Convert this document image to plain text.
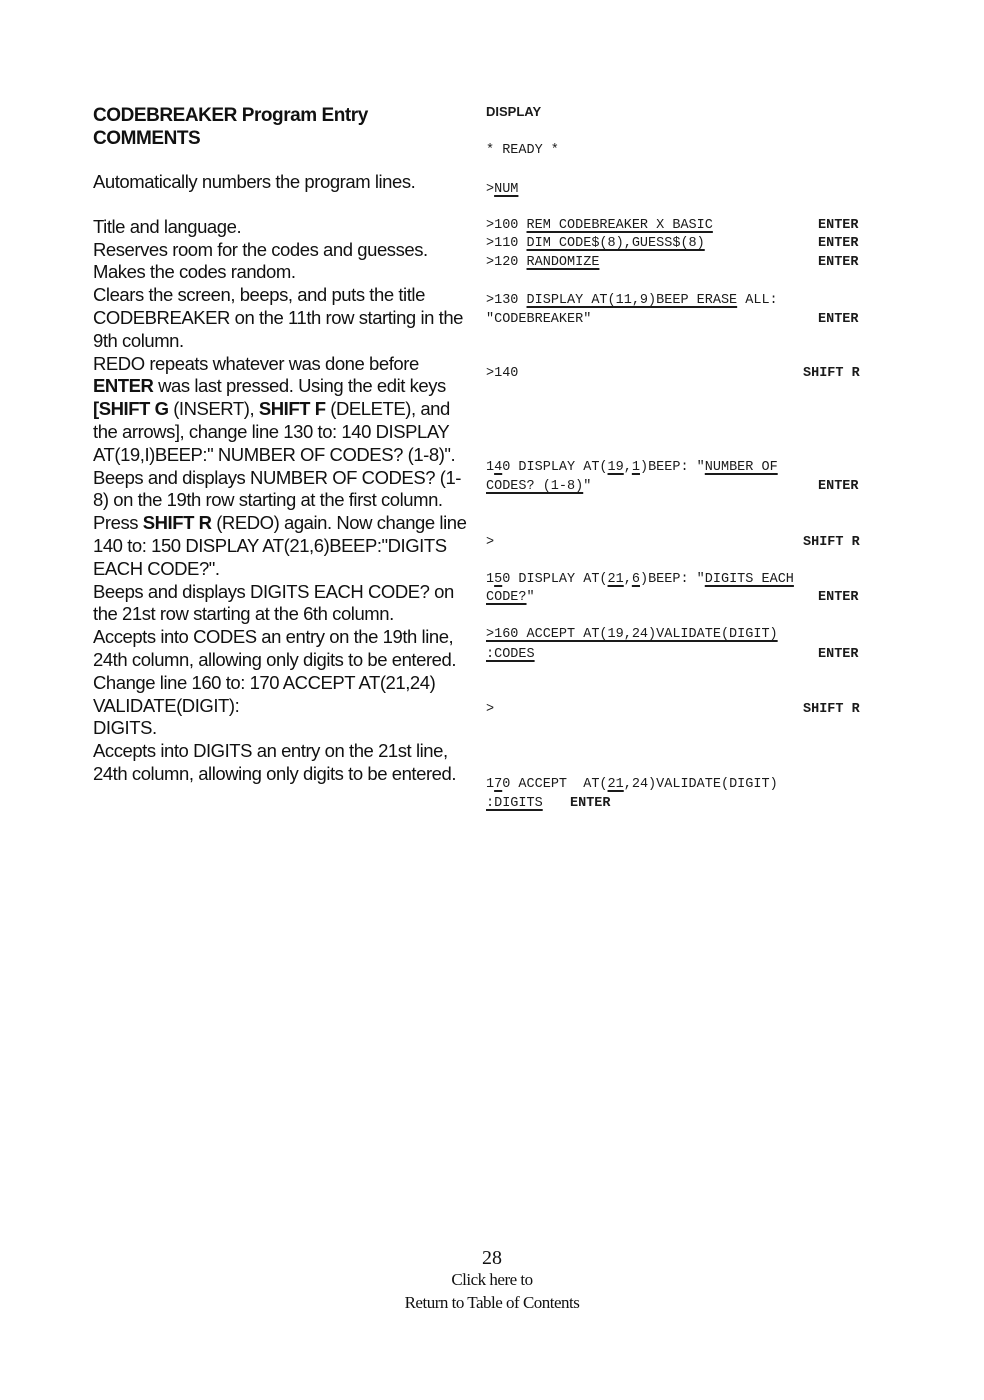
CODEBREAKER Program Entry

COMMENTS

Automatically numbers the program lines.

Title and language.

Reserves room for the codes and guesses.

Makes the codes random.

Clears the screen, beeps, and puts the title CODEBREAKER on the 11th row starting in the 9th column.

REDO repeats whatever was done before ENTER was last pressed. Using the edit keys [SHIFT G (INSERT), SHIFT F (DELETE), and the arrows], change line 130 to: 140 DISPLAY AT(19,I)BEEP:" NUMBER OF CODES? (1-8)".

Beeps and displays NUMBER OF CODES? (1-8) on the 19th row starting at the first column.

Press SHIFT R (REDO) again. Now change line 140 to: 150 DISPLAY AT(21,6)BEEP:"DIGITS EACH CODE?".

Beeps and displays DIGITS EACH CODE? on the 21st row starting at the 6th column.

Accepts into CODES an entry on the 19th line, 24th column, allowing only digits to be entered.

Change line 160 to: 170 ACCEPT AT(21,24) VALIDATE(DIGIT):

DIGITS.

Accepts into DIGITS an entry on the 21st line, 24th column, allowing only digits to be entered.

DISPLAY
* READY *
>NUM
>100 REM CODEBREAKER X BASIC	ENTER
>110 DIM CODE$(8),GUESS$(8)	ENTER
>120 RANDOMIZE	ENTER
>130 DISPLAY AT(11,9)BEEP ERASE ALL:
"CODEBREAKER"	ENTER
>140	SHIFT R
140 DISPLAY AT(19,1)BEEP: "NUMBER OF
CODES? (1-8)"	ENTER
>	SHIFT R
150 DISPLAY AT(21,6)BEEP: "DIGITS EACH
CODE?"	ENTER
>160 ACCEPT AT(19,24)VALIDATE(DIGIT)
:CODES	ENTER
>	SHIFT R
170 ACCEPT  AT(21,24)VALIDATE(DIGIT)
:DIGITS ENTER
28
Click here to
Return to Table of Contents
